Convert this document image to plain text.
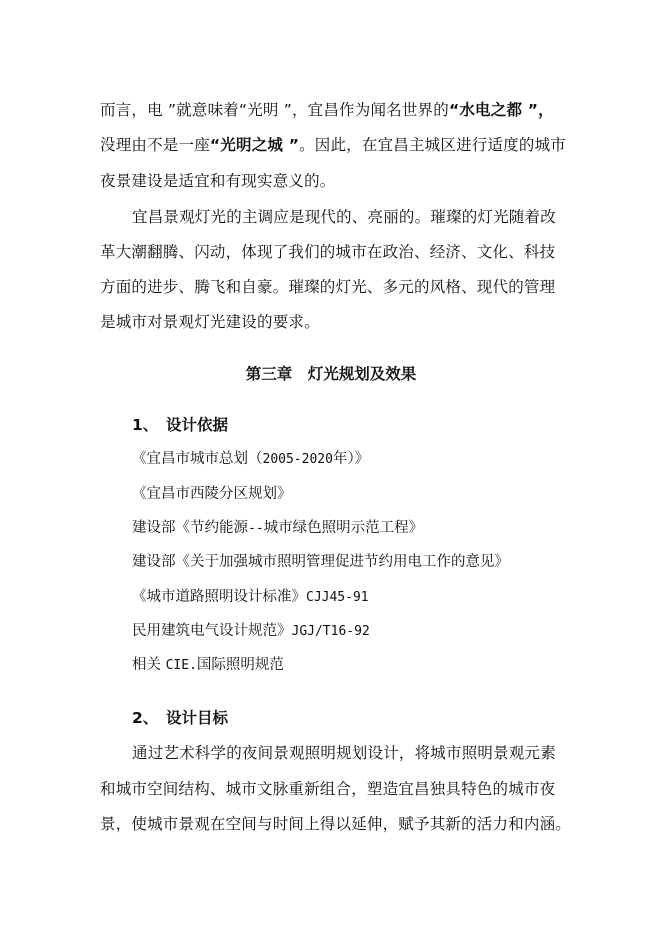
而言，电 ”就意味着“光明 ”，宜昌作为闻名世界的“水电之都 ”，
没理由不是一座“光明之城 ”。因此，在宜昌主城区进行适度的城市
夜景建设是适宜和有现实意义的。
宜昌景观灯光的主调应是现代的、亮丽的。璀璨的灯光随着改
革大潮翻腾、闪动，体现了我们的城市在政治、经济、文化、科技
方面的进步、腾飞和自豪。璀璨的灯光、多元的风格、现代的管理
是城市对景观灯光建设的要求。
第三章　灯光规划及效果
1、　设计依据
《宜昌市城市总划（2005-2020年）》
《宜昌市西陵分区规划》
建设部《节约能源--城市绿色照明示范工程》
建设部《关于加强城市照明管理促进节约用电工作的意见》
《城市道路照明设计标准》CJJ45-91
民用建筑电气设计规范》JGJ/T16-92
相关 CIE.国际照明规范
2、　设计目标
通过艺术科学的夜间景观照明规划设计，将城市照明景观元素
和城市空间结构、城市文脉重新组合，塑造宜昌独具特色的城市夜
景，使城市景观在空间与时间上得以延伸，赋予其新的活力和内涵。
